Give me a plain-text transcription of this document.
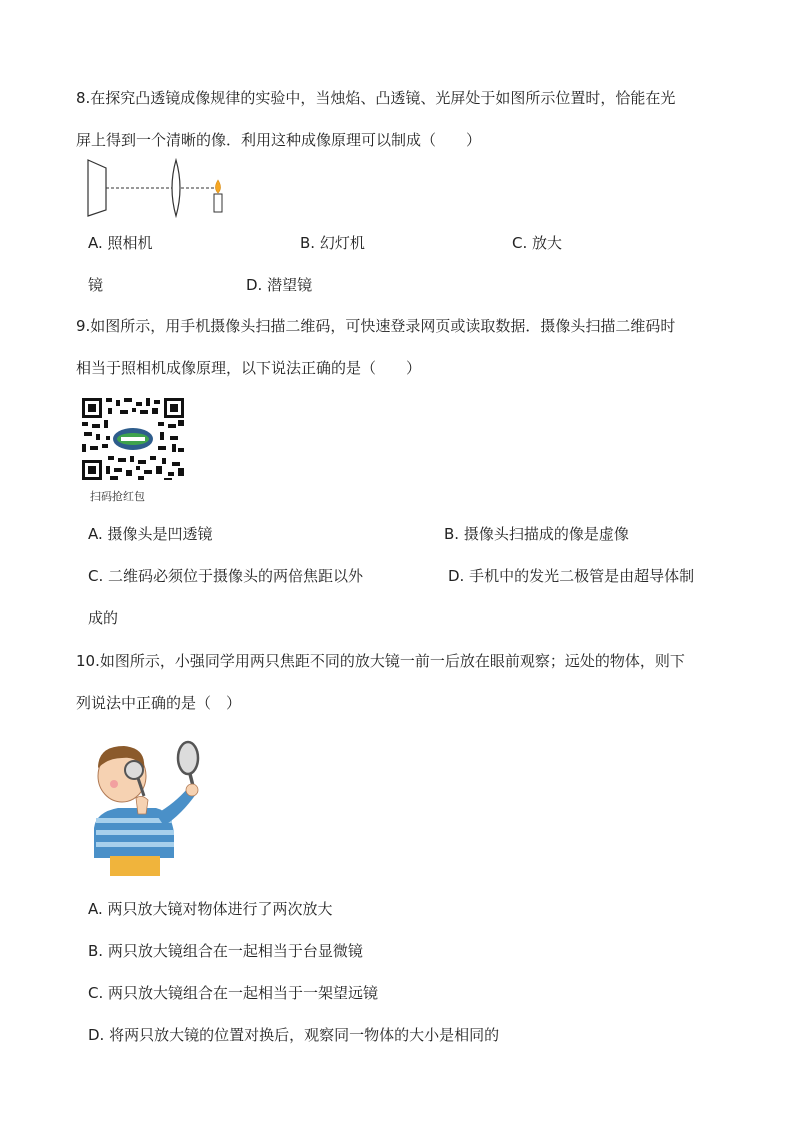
8.在探究凸透镜成像规律的实验中，当烛焰、凸透镜、光屏处于如图所示位置时，恰能在光
屏上得到一个清晰的像．利用这种成像原理可以制成（　　）
A. 照相机	B. 幻灯机	C. 放大
镜	D. 潜望镜
9.如图所示，用手机摄像头扫描二维码，可快速登录网页或读取数据．摄像头扫描二维码时
相当于照相机成像原理，以下说法正确的是（　　）
扫码抢红包
A. 摄像头是凹透镜	B. 摄像头扫描成的像是虚像
C. 二维码必须位于摄像头的两倍焦距以外	D. 手机中的发光二极管是由超导体制
成的
10.如图所示，小强同学用两只焦距不同的放大镜一前一后放在眼前观察；远处的物体，则下
列说法中正确的是（　）
A. 两只放大镜对物体进行了两次放大
B. 两只放大镜组合在一起相当于台显微镜
C. 两只放大镜组合在一起相当于一架望远镜
D. 将两只放大镜的位置对换后，观察同一物体的大小是相同的
